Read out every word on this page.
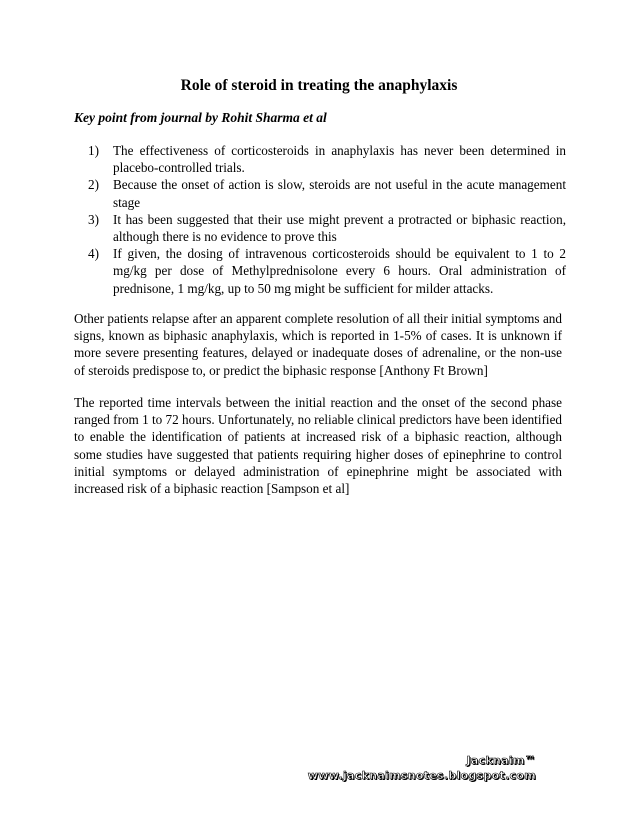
Role of steroid in treating the anaphylaxis
Key point from journal by Rohit Sharma et al
1) The effectiveness of corticosteroids in anaphylaxis has never been determined in placebo-controlled trials.
2) Because the onset of action is slow, steroids are not useful in the acute management stage
3) It has been suggested that their use might prevent a protracted or biphasic reaction, although there is no evidence to prove this
4) If given, the dosing of intravenous corticosteroids should be equivalent to 1 to 2 mg/kg per dose of Methylprednisolone every 6 hours. Oral administration of prednisone, 1 mg/kg, up to 50 mg might be sufficient for milder attacks.

Other patients relapse after an apparent complete resolution of all their initial symptoms and signs, known as biphasic anaphylaxis, which is reported in 1-5% of cases. It is unknown if more severe presenting features, delayed or inadequate doses of adrenaline, or the non-use of steroids predispose to, or predict the biphasic response [Anthony Ft Brown]

The reported time intervals between the initial reaction and the onset of the second phase ranged from 1 to 72 hours. Unfortunately, no reliable clinical predictors have been identified to enable the identification of patients at increased risk of a biphasic reaction, although some studies have suggested that patients requiring higher doses of epinephrine to control initial symptoms or delayed administration of epinephrine might be associated with increased risk of a biphasic reaction [Sampson et al]

Jacknaim™
www.jacknaimsnotes.blogspot.com
